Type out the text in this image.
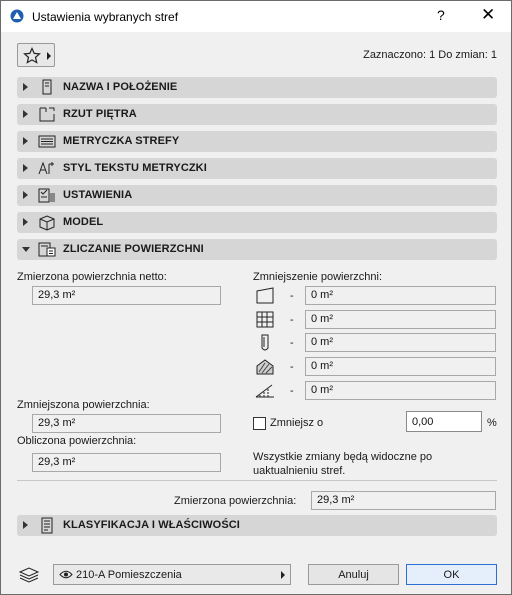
Ustawienia wybranych stref	? ✕
Zaznaczono: 1 Do zmian: 1
NAZWA I POŁOŻENIE
RZUT PIĘTRA
METRYCZKA STREFY
STYL TEKSTU METRYCZKI
USTAWIENIA
MODEL
ZLICZANIE POWIERZCHNI
Zmierzona powierzchnia netto:
29,3 m²
Zmniejszenie powierzchni:
-	0 m²
-	0 m²
-	0 m²
-	0 m²
-	0 m²
Zmniejszona powierzchnia:
29,3 m²	Zmniejsz o	0,00	%
Obliczona powierzchnia:
29,3 m²	Wszystkie zmiany będą widoczne po
uaktualnieniu stref.
Zmierzona powierzchnia:	29,3 m²
KLASYFIKACJA I WŁAŚCIWOŚCI
210-A Pomieszczenia	Anuluj	OK
